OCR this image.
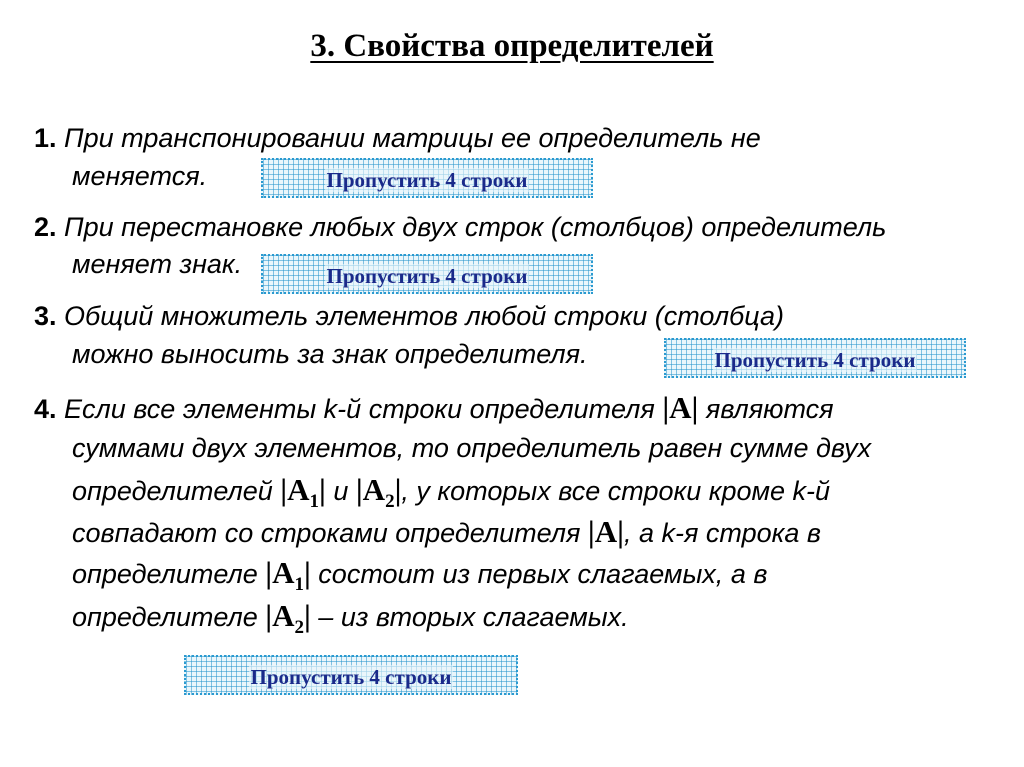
3. Свойства определителей
1. При транспонировании матрицы ее определитель не
меняется.	Пропустить 4 строки
2. При перестановке любых двух строк (столбцов) определитель
меняет знак.	Пропустить 4 строки
3. Общий множитель элементов любой строки (столбца)
можно выносить за знак определителя.	Пропустить 4 строки
4. Если все элементы k-й строки определителя |A| являются
суммами двух элементов, то определитель равен сумме двух
определителей $|A_1|$ и $|A_2|$, у которых все строки кроме k-й
совпадают со строками определителя |A|, а k-я строка в
определителе $|A_1|$ состоит из первых слагаемых, а в
определителе $|A_2|$ – из вторых слагаемых.
Пропустить 4 строки
